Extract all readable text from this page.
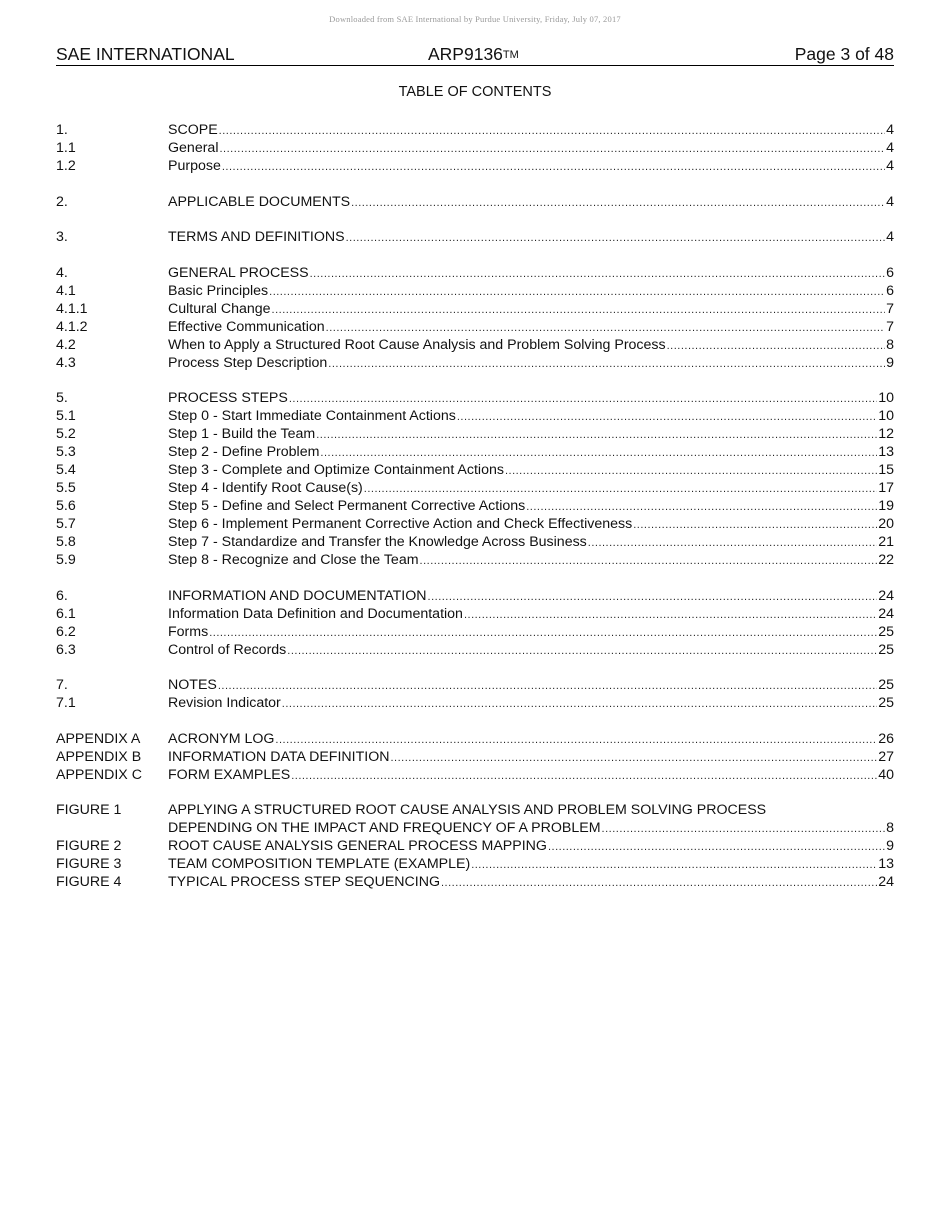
Downloaded from SAE International by Purdue University, Friday, July 07, 2017
SAE INTERNATIONAL	ARP9136TM	Page 3 of 48
TABLE OF CONTENTS
1.	SCOPE .....	4
1.1	General .....	4
1.2	Purpose .....	4
2.	APPLICABLE DOCUMENTS .....	4
3.	TERMS AND DEFINITIONS .....	4
4.	GENERAL PROCESS .....	6
4.1	Basic Principles .....	6
4.1.1	Cultural Change .....	7
4.1.2	Effective Communication .....	7
4.2	When to Apply a Structured Root Cause Analysis and Problem Solving Process .....	8
4.3	Process Step Description .....	9
5.	PROCESS STEPS .....	10
5.1	Step 0 - Start Immediate Containment Actions .....	10
5.2	Step 1 - Build the Team .....	12
5.3	Step 2 - Define Problem .....	13
5.4	Step 3 - Complete and Optimize Containment Actions .....	15
5.5	Step 4 - Identify Root Cause(s) .....	17
5.6	Step 5 - Define and Select Permanent Corrective Actions .....	19
5.7	Step 6 - Implement Permanent Corrective Action and Check Effectiveness .....	20
5.8	Step 7 - Standardize and Transfer the Knowledge Across Business .....	21
5.9	Step 8 - Recognize and Close the Team .....	22
6.	INFORMATION AND DOCUMENTATION .....	24
6.1	Information Data Definition and Documentation .....	24
6.2	Forms .....	25
6.3	Control of Records .....	25
7.	NOTES .....	25
7.1	Revision Indicator .....	25
APPENDIX A	ACRONYM LOG .....	26
APPENDIX B	INFORMATION DATA DEFINITION .....	27
APPENDIX C	FORM EXAMPLES .....	40
FIGURE 1	APPLYING A STRUCTURED ROOT CAUSE ANALYSIS AND PROBLEM SOLVING PROCESS
DEPENDING ON THE IMPACT AND FREQUENCY OF A PROBLEM .....	8
FIGURE 2	ROOT CAUSE ANALYSIS GENERAL PROCESS MAPPING .....	9
FIGURE 3	TEAM COMPOSITION TEMPLATE (EXAMPLE) .....	13
FIGURE 4	TYPICAL PROCESS STEP SEQUENCING .....	24
